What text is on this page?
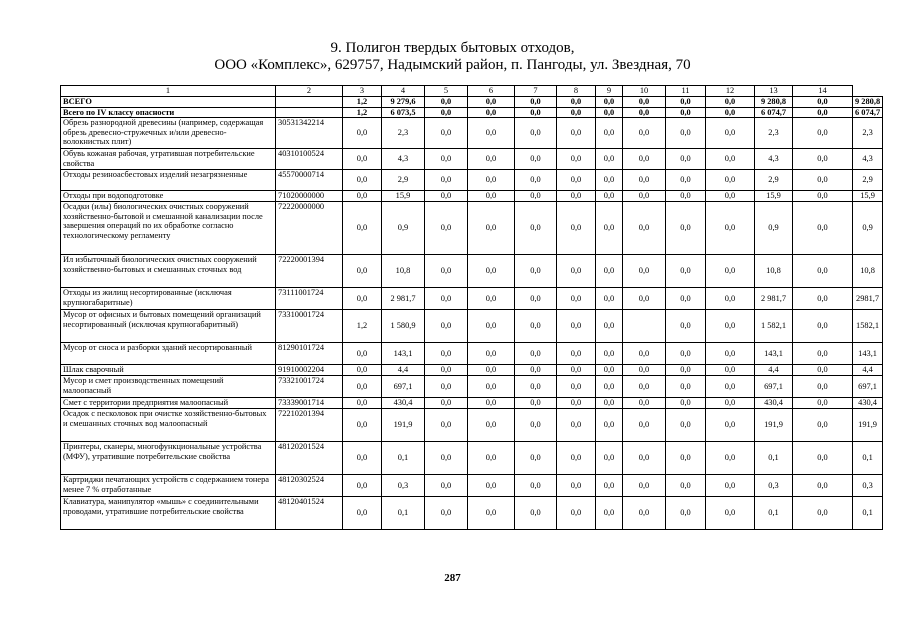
9. Полигон твердых бытовых отходов,
ООО «Комплекс», 629757, Надымский район, п. Пангоды, ул. Звездная, 70
1	2	3	4	5	6	7	8	9	10	11	12	13	14	
ВСЕГО		1,2	9 279,6	0,0	0,0	0,0	0,0	0,0	0,0	0,0	0,0	9 280,8	0,0	9 280,8
Всего по IV классу опасности		1,2	6 073,5	0,0	0,0	0,0	0,0	0,0	0,0	0,0	0,0	6 074,7	0,0	6 074,7
Обрезь разнородной древесины (например, содержащая обрезь древесно-стружечных и/или древесно-волокнистых плит)	30531342214	0,0	2,3	0,0	0,0	0,0	0,0	0,0	0,0	0,0	0,0	2,3	0,0	2,3
Обувь кожаная рабочая, утратившая потребительские свойства	40310100524	0,0	4,3	0,0	0,0	0,0	0,0	0,0	0,0	0,0	0,0	4,3	0,0	4,3
Отходы резиноасбестовых изделий незагрязненные	45570000714	0,0	2,9	0,0	0,0	0,0	0,0	0,0	0,0	0,0	0,0	2,9	0,0	2,9
Отходы при водоподготовке	71020000000	0,0	15,9	0,0	0,0	0,0	0,0	0,0	0,0	0,0	0,0	15,9	0,0	15,9
Осадки (илы) биологических очистных сооружений хозяйственно-бытовой и смешанной канализации после завершения операций по их обработке согласно технологическому регламенту	72220000000	0,0	0,9	0,0	0,0	0,0	0,0	0,0	0,0	0,0	0,0	0,9	0,0	0,9
Ил избыточный биологических очистных сооружений хозяйственно-бытовых и смешанных сточных вод	72220001394	0,0	10,8	0,0	0,0	0,0	0,0	0,0	0,0	0,0	0,0	10,8	0,0	10,8
Отходы из жилищ несортированные (исключая крупногабаритные)	73111001724	0,0	2 981,7	0,0	0,0	0,0	0,0	0,0	0,0	0,0	0,0	2 981,7	0,0	2981,7
Мусор от офисных и бытовых помещений организаций несортированный (исключая крупногабаритный)	73310001724	1,2	1 580,9	0,0	0,0	0,0	0,0	0,0		0,0	0,0	1 582,1	0,0	1582,1
Мусор от сноса и разборки зданий несортированный	81290101724	0,0	143,1	0,0	0,0	0,0	0,0	0,0	0,0	0,0	0,0	143,1	0,0	143,1
Шлак сварочный	91910002204	0,0	4,4	0,0	0,0	0,0	0,0	0,0	0,0	0,0	0,0	4,4	0,0	4,4
Мусор и смет производственных помещений малоопасный	73321001724	0,0	697,1	0,0	0,0	0,0	0,0	0,0	0,0	0,0	0,0	697,1	0,0	697,1
Смет с территории предприятия малоопасный	73339001714	0,0	430,4	0,0	0,0	0,0	0,0	0,0	0,0	0,0	0,0	430,4	0,0	430,4
Осадок с песколовок при очистке хозяйственно-бытовых и смешанных сточных вод малоопасный	72210201394	0,0	191,9	0,0	0,0	0,0	0,0	0,0	0,0	0,0	0,0	191,9	0,0	191,9
Принтеры, сканеры, многофункциональные устройства (МФУ), утратившие потребительские свойства	48120201524	0,0	0,1	0,0	0,0	0,0	0,0	0,0	0,0	0,0	0,0	0,1	0,0	0,1
Картриджи печатающих устройств с содержанием тонера менее 7 % отработанные	48120302524	0,0	0,3	0,0	0,0	0,0	0,0	0,0	0,0	0,0	0,0	0,3	0,0	0,3
Клавиатура, манипулятор «мышь» с соединительными проводами, утратившие потребительские свойства	48120401524	0,0	0,1	0,0	0,0	0,0	0,0	0,0	0,0	0,0	0,0	0,1	0,0	0,1
287
